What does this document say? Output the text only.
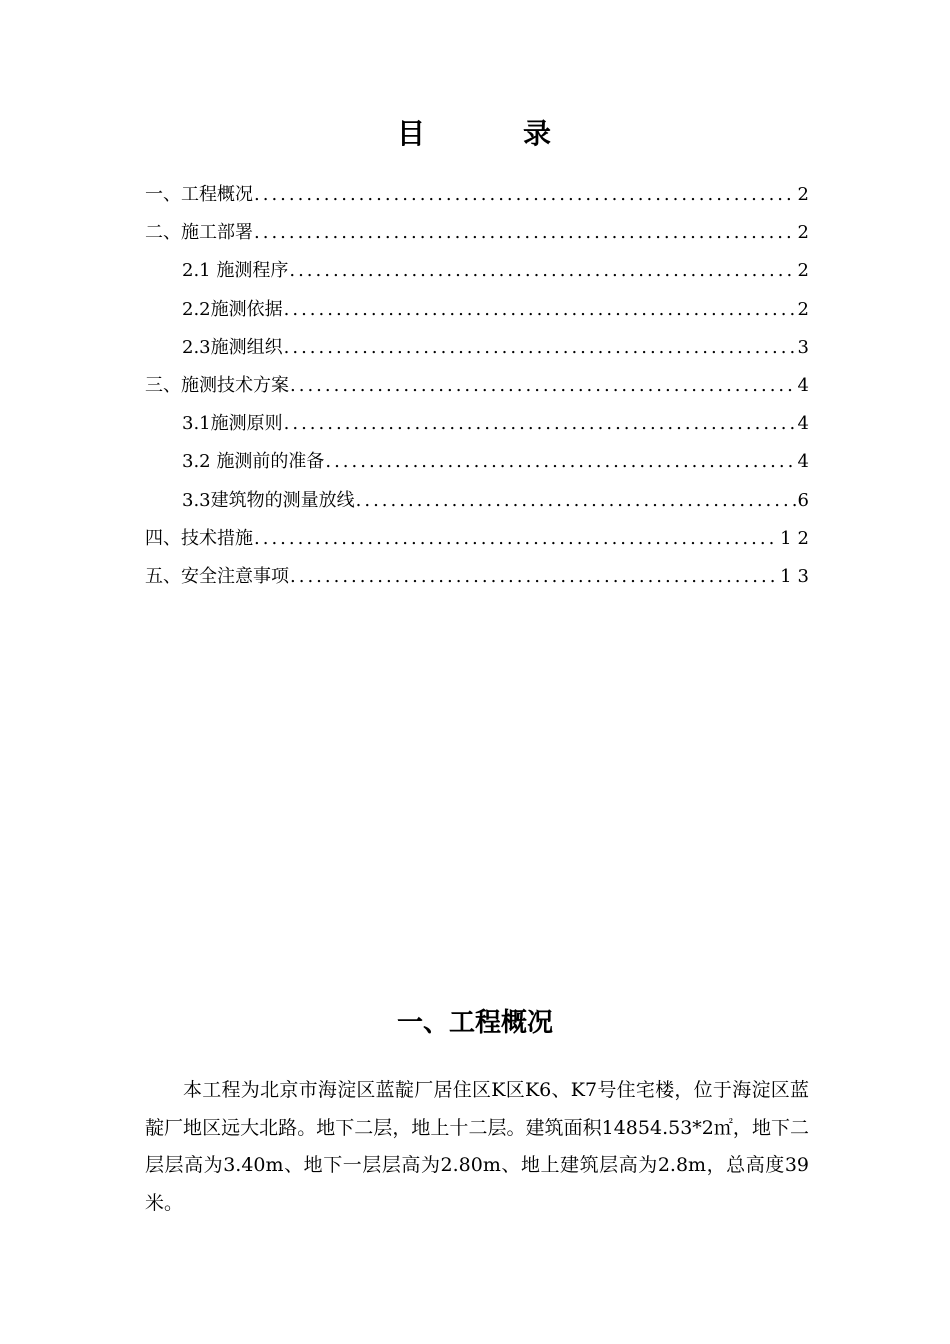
目	录
一、工程概况 .....	2
二、施工部署 .....	2
2.1 施测程序 .....	2
2.2施测依据 .....	2
2.3施测组织 .....	3
三、施测技术方案 .....	4
3.1施测原则 .....	4
3.2 施测前的准备 .....	4
3.3建筑物的测量放线 .....	6
四、技术措施 .....	12
五、安全注意事项 .....	13
一、工程概况

本工程为北京市海淀区蓝靛厂居住区K区K6、K7号住宅楼，位于海淀区蓝靛厂地区远大北路。地下二层，地上十二层。建筑面积14854.53*2㎡，地下二层层高为3.40m、地下一层层高为2.80m、地上建筑层高为2.8m，总高度39米。
